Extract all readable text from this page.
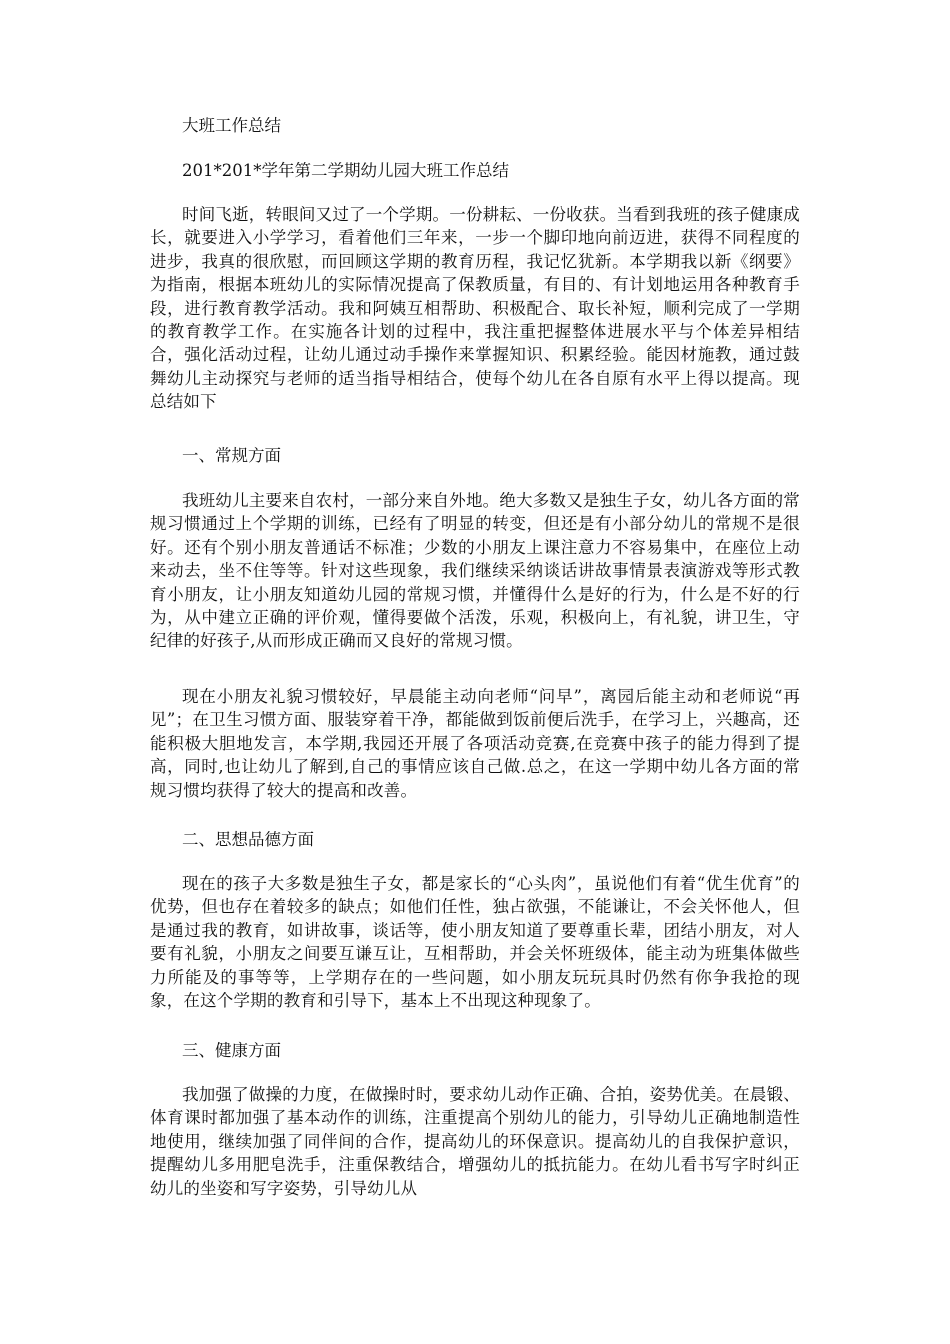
大班工作总结
201*201*学年第二学期幼儿园大班工作总结

时间飞逝，转眼间又过了一个学期。一份耕耘、一份收获。当看到我班的孩子健康成长，就要进入小学学习，看着他们三年来，一步一个脚印地向前迈进，获得不同程度的进步，我真的很欣慰，而回顾这学期的教育历程，我记忆犹新。本学期我以新《纲要》为指南，根据本班幼儿的实际情况提高了保教质量，有目的、有计划地运用各种教育手段，进行教育教学活动。我和阿姨互相帮助、积极配合、取长补短，顺利完成了一学期的教育教学工作。在实施各计划的过程中，我注重把握整体进展水平与个体差异相结合，强化活动过程，让幼儿通过动手操作来掌握知识、积累经验。能因材施教，通过鼓舞幼儿主动探究与老师的适当指导相结合，使每个幼儿在各自原有水平上得以提高。现总结如下

一、常规方面

我班幼儿主要来自农村，一部分来自外地。绝大多数又是独生子女，幼儿各方面的常规习惯通过上个学期的训练，已经有了明显的转变，但还是有小部分幼儿的常规不是很好。还有个别小朋友普通话不标准；少数的小朋友上课注意力不容易集中，在座位上动来动去，坐不住等等。针对这些现象，我们继续采纳谈话讲故事情景表演游戏等形式教育小朋友，让小朋友知道幼儿园的常规习惯，并懂得什么是好的行为，什么是不好的行为，从中建立正确的评价观，懂得要做个活泼，乐观，积极向上，有礼貌，讲卫生，守纪律的好孩子,从而形成正确而又良好的常规习惯。

现在小朋友礼貌习惯较好，早晨能主动向老师“问早”，离园后能主动和老师说“再见”；在卫生习惯方面、服装穿着干净，都能做到饭前便后洗手，在学习上，兴趣高，还能积极大胆地发言，本学期,我园还开展了各项活动竞赛,在竞赛中孩子的能力得到了提高，同时,也让幼儿了解到,自己的事情应该自己做.总之，在这一学期中幼儿各方面的常规习惯均获得了较大的提高和改善。

二、思想品德方面

现在的孩子大多数是独生子女，都是家长的“心头肉”，虽说他们有着“优生优育”的优势，但也存在着较多的缺点；如他们任性，独占欲强，不能谦让，不会关怀他人，但是通过我的教育，如讲故事，谈话等，使小朋友知道了要尊重长辈，团结小朋友，对人要有礼貌，小朋友之间要互谦互让，互相帮助，并会关怀班级体，能主动为班集体做些力所能及的事等等，上学期存在的一些问题，如小朋友玩玩具时仍然有你争我抢的现象，在这个学期的教育和引导下，基本上不出现这种现象了。

三、健康方面

我加强了做操的力度，在做操时时，要求幼儿动作正确、合拍，姿势优美。在晨锻、体育课时都加强了基本动作的训练，注重提高个别幼儿的能力，引导幼儿正确地制造性地使用，继续加强了同伴间的合作，提高幼儿的环保意识。提高幼儿的自我保护意识，提醒幼儿多用肥皂洗手，注重保教结合，增强幼儿的抵抗能力。在幼儿看书写字时纠正幼儿的坐姿和写字姿势，引导幼儿从
